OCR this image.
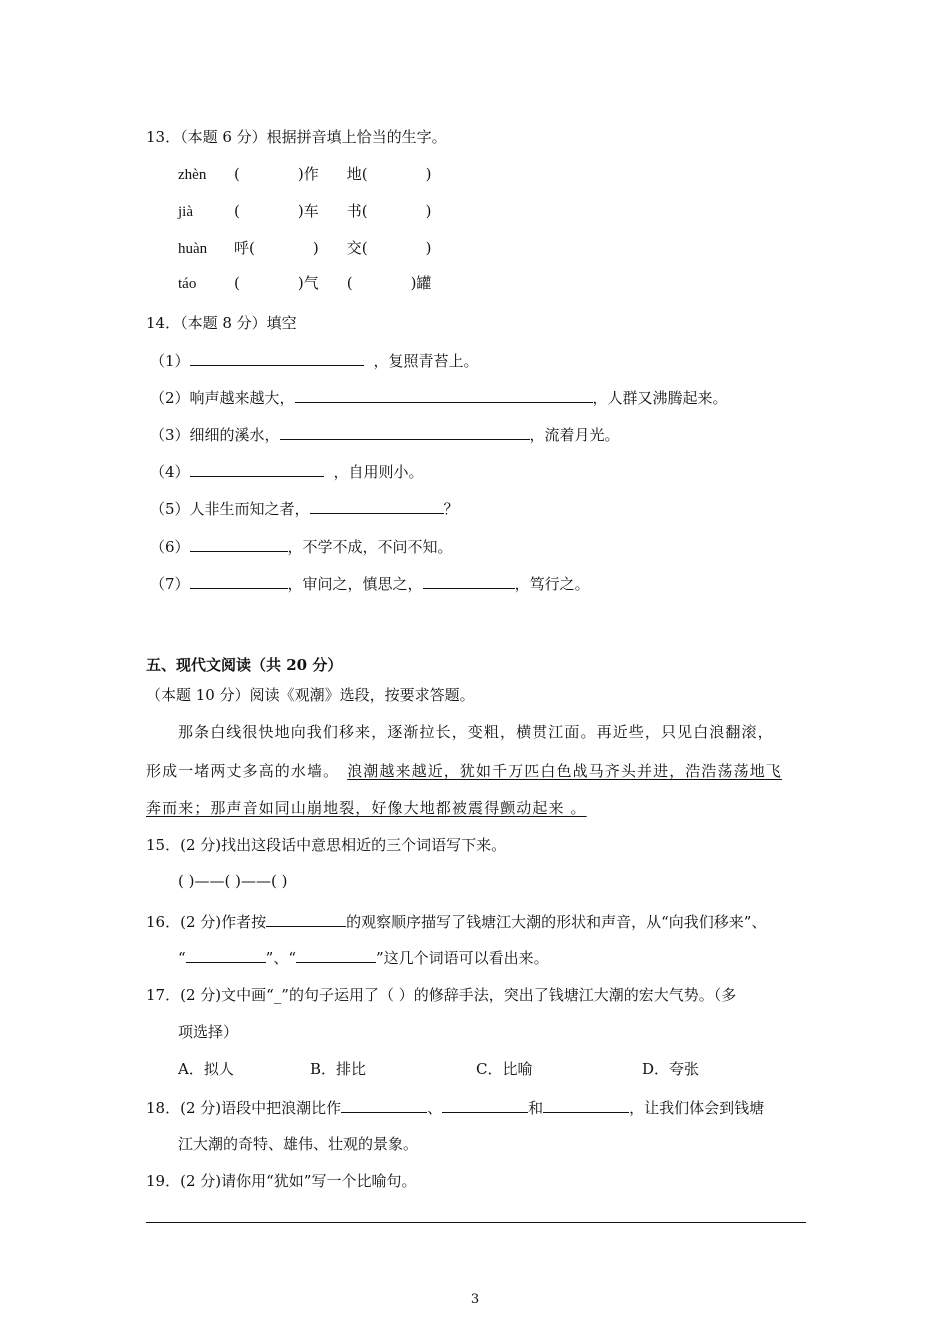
13．（本题 6 分）根据拼音填上恰当的生字。
zhèn (	)作 地(	)
jià	(	)车 书(	)
huàn 呼(	) 交(	)
táo	(	)气 (	)罐
14．（本题 8 分）填空
（1）	，复照青苔上。
（2）响声越来越大，	，人群又沸腾起来。
（3）细细的溪水，	，流着月光。
（4）	，自用则小。
（5）人非生而知之者，	？
（6）	，不学不成，不问不知。
（7）	，审问之，慎思之，	，笃行之。
五、现代文阅读（共 20 分）
（本题 10 分）阅读《观潮》选段，按要求答题。
那条白线很快地向我们移来，逐渐拉长，变粗，横贯江面。再近些，只见白浪翻滚，
形成一堵两丈多高的水墙。 浪潮越来越近，犹如千万匹白色战马齐头并进，浩浩荡荡地飞
奔而来；那声音如同山崩地裂，好像大地都被震得颤动起来 。
15．(2 分)找出这段话中意思相近的三个词语写下来。
( )——( )——( )
16．(2 分)作者按	的观察顺序描写了钱塘江大潮的形状和声音，从“向我们移来”、
“	”、“	”这几个词语可以看出来。
17．(2 分)文中画“_”的句子运用了（ ）的修辞手法，突出了钱塘江大潮的宏大气势。（多
项选择）
A．拟人	B．排比	C．比喻	D．夸张
18．(2 分)语段中把浪潮比作	、	和	，让我们体会到钱塘
江大潮的奇特、雄伟、壮观的景象。
19．(2 分)请你用“犹如”写一个比喻句。
3
